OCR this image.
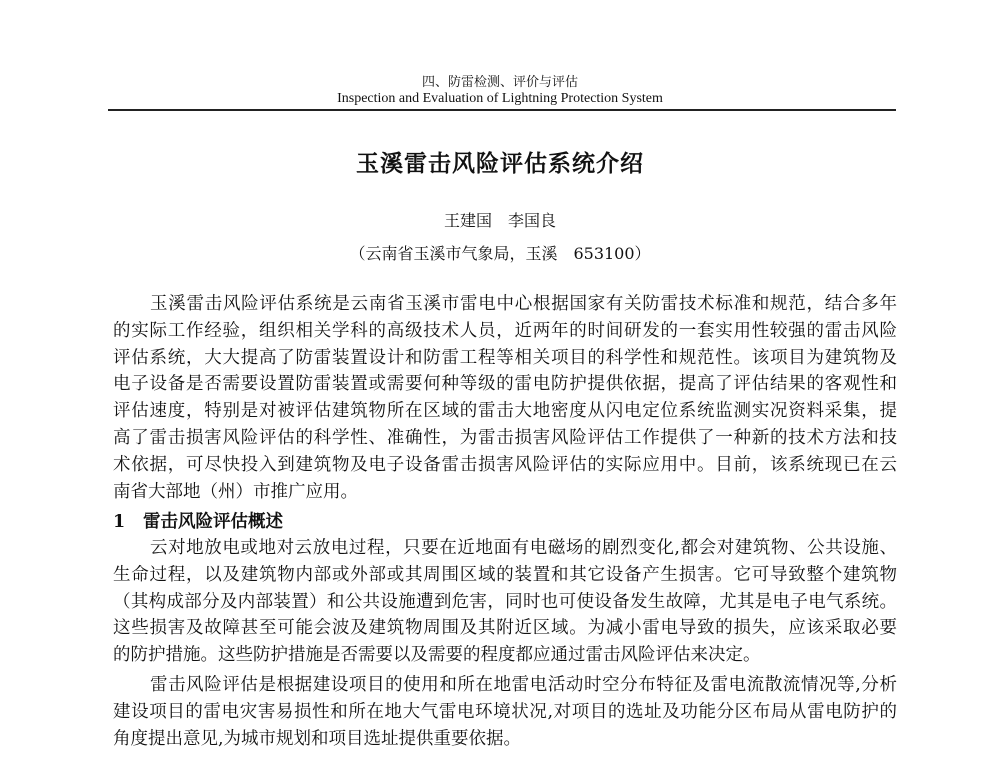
四、防雷检测、评价与评估
Inspection and Evaluation of Lightning Protection System
玉溪雷击风险评估系统介绍
王建国　李国良
（云南省玉溪市气象局，玉溪　653100）
玉溪雷击风险评估系统是云南省玉溪市雷电中心根据国家有关防雷技术标准和规范，结合多年
的实际工作经验，组织相关学科的高级技术人员，近两年的时间研发的一套实用性较强的雷击风险
评估系统，大大提高了防雷装置设计和防雷工程等相关项目的科学性和规范性。该项目为建筑物及
电子设备是否需要设置防雷装置或需要何种等级的雷电防护提供依据，提高了评估结果的客观性和
评估速度，特别是对被评估建筑物所在区域的雷击大地密度从闪电定位系统监测实况资料采集，提
高了雷击损害风险评估的科学性、准确性，为雷击损害风险评估工作提供了一种新的技术方法和技
术依据，可尽快投入到建筑物及电子设备雷击损害风险评估的实际应用中。目前，该系统现已在云
南省大部地（州）市推广应用。
1 雷击风险评估概述
云对地放电或地对云放电过程，只要在近地面有电磁场的剧烈变化,都会对建筑物、公共设施、
生命过程，以及建筑物内部或外部或其周围区域的装置和其它设备产生损害。它可导致整个建筑物
（其构成部分及内部装置）和公共设施遭到危害，同时也可使设备发生故障，尤其是电子电气系统。
这些损害及故障甚至可能会波及建筑物周围及其附近区域。为减小雷电导致的损失，应该采取必要
的防护措施。这些防护措施是否需要以及需要的程度都应通过雷击风险评估来决定。
雷击风险评估是根据建设项目的使用和所在地雷电活动时空分布特征及雷电流散流情况等,分析
建设项目的雷电灾害易损性和所在地大气雷电环境状况,对项目的选址及功能分区布局从雷电防护的
角度提出意见,为城市规划和项目选址提供重要依据。
